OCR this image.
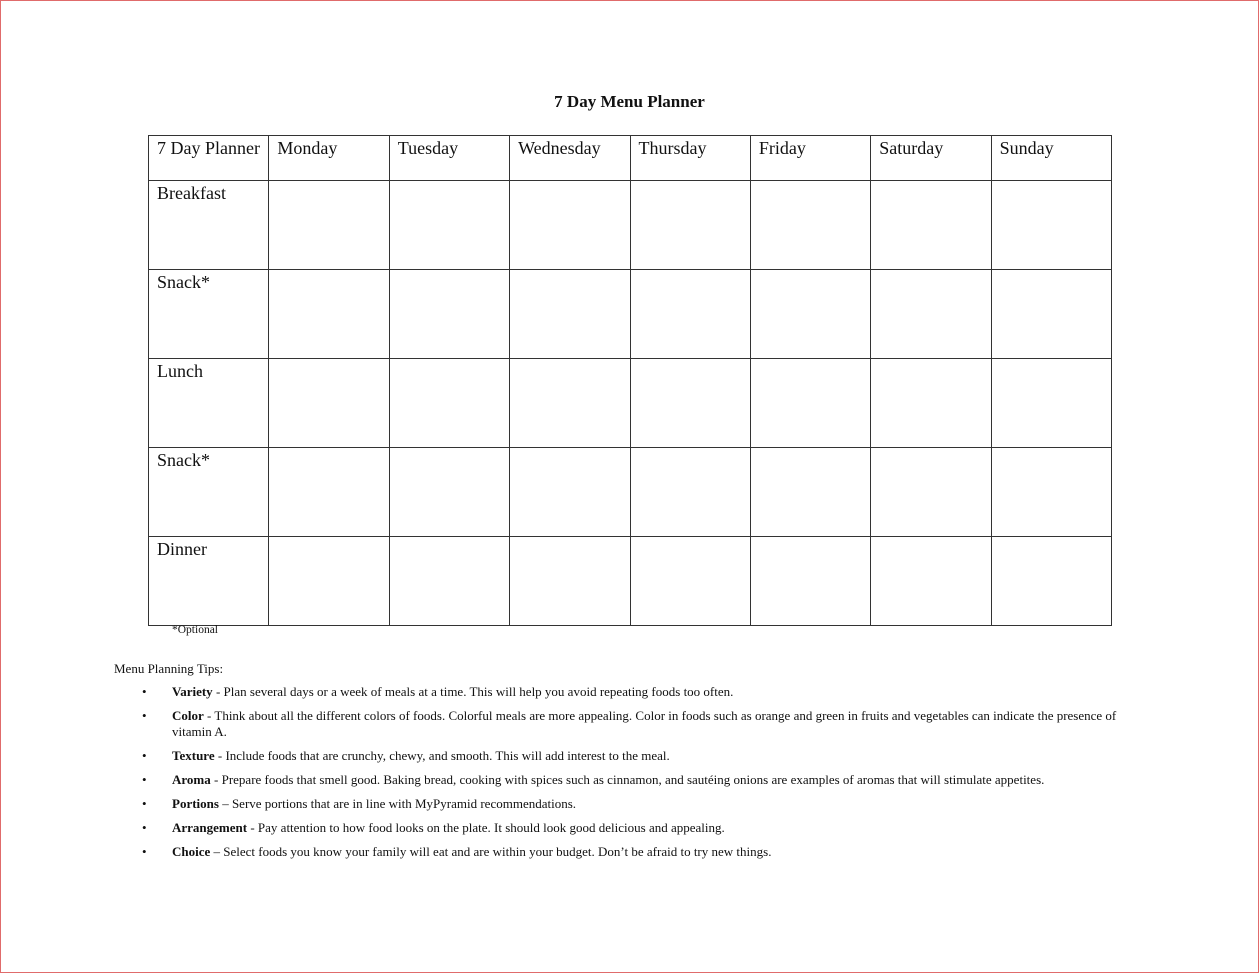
7 Day Menu Planner
7 Day Planner	Monday	Tuesday	Wednesday	Thursday	Friday	Saturday	Sunday
Breakfast							
Snack*							
Lunch							
Snack*							
Dinner							
*Optional
Menu Planning Tips:
• Variety - Plan several days or a week of meals at a time. This will help you avoid repeating foods too often.
• Color - Think about all the different colors of foods. Colorful meals are more appealing. Color in foods such as orange and green in fruits and vegetables can indicate the presence of vitamin A.
• Texture - Include foods that are crunchy, chewy, and smooth. This will add interest to the meal.
• Aroma - Prepare foods that smell good. Baking bread, cooking with spices such as cinnamon, and sautéing onions are examples of aromas that will stimulate appetites.
• Portions – Serve portions that are in line with MyPyramid recommendations.
• Arrangement - Pay attention to how food looks on the plate. It should look good delicious and appealing.
• Choice – Select foods you know your family will eat and are within your budget. Don’t be afraid to try new things.
